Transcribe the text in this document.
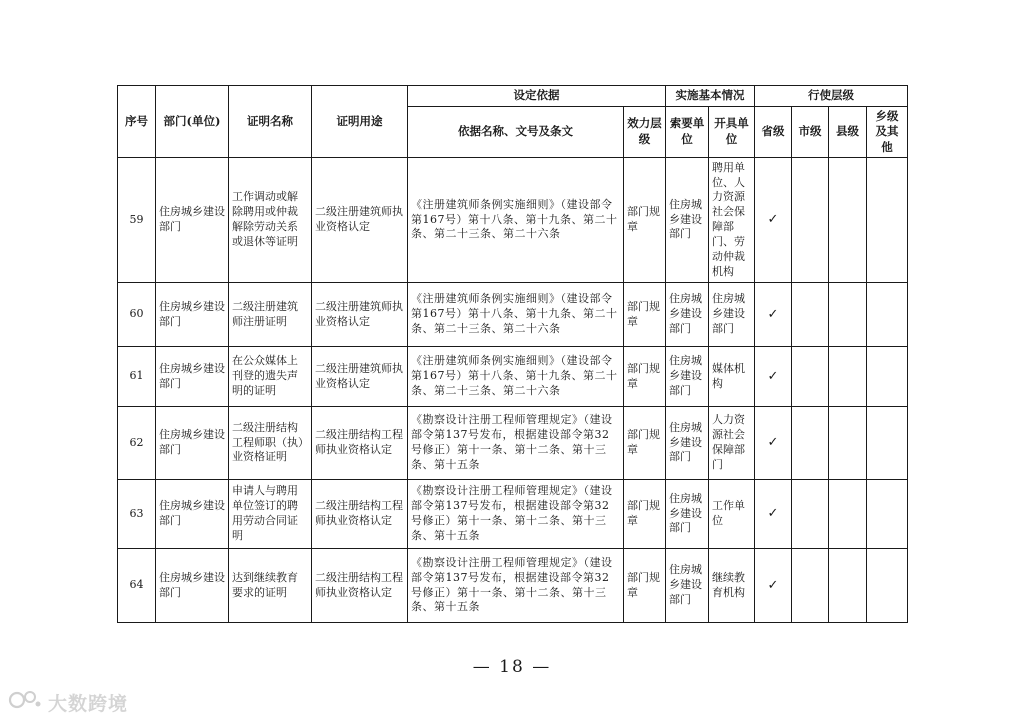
序号	部门(单位)	证明名称	证明用途	设定依据		实施基本情况		行使层级			
				依据名称、文号及条文	效力层级	索要单位	开具单位	省级	市级	县级	乡级及其他
59	住房城乡建设部门	工作调动或解除聘用或仲裁解除劳动关系或退休等证明	二级注册建筑师执业资格认定	《注册建筑师条例实施细则》（建设部令第167号）第十八条、第十九条、第二十条、第二十三条、第二十六条	部门规章	住房城乡建设部门	聘用单位、人力资源社会保障部门、劳动仲裁机构	✓			
60	住房城乡建设部门	二级注册建筑师注册证明	二级注册建筑师执业资格认定	《注册建筑师条例实施细则》（建设部令第167号）第十八条、第十九条、第二十条、第二十三条、第二十六条	部门规章	住房城乡建设部门	住房城乡建设部门	✓			
61	住房城乡建设部门	在公众媒体上刊登的遗失声明的证明	二级注册建筑师执业资格认定	《注册建筑师条例实施细则》（建设部令第167号）第十八条、第十九条、第二十条、第二十三条、第二十六条	部门规章	住房城乡建设部门	媒体机构	✓			
62	住房城乡建设部门	二级注册结构工程师职（执）业资格证明	二级注册结构工程师执业资格认定	《勘察设计注册工程师管理规定》（建设部令第137号发布，根据建设部令第32号修正）第十一条、第十二条、第十三条、第十五条	部门规章	住房城乡建设部门	人力资源社会保障部门	✓			
63	住房城乡建设部门	申请人与聘用单位签订的聘用劳动合同证明	二级注册结构工程师执业资格认定	《勘察设计注册工程师管理规定》（建设部令第137号发布，根据建设部令第32号修正）第十一条、第十二条、第十三条、第十五条	部门规章	住房城乡建设部门	工作单位	✓			
64	住房城乡建设部门	达到继续教育要求的证明	二级注册结构工程师执业资格认定	《勘察设计注册工程师管理规定》（建设部令第137号发布，根据建设部令第32号修正）第十一条、第十二条、第十三条、第十五条	部门规章	住房城乡建设部门	继续教育机构	✓			
— 18 —
大数跨境
